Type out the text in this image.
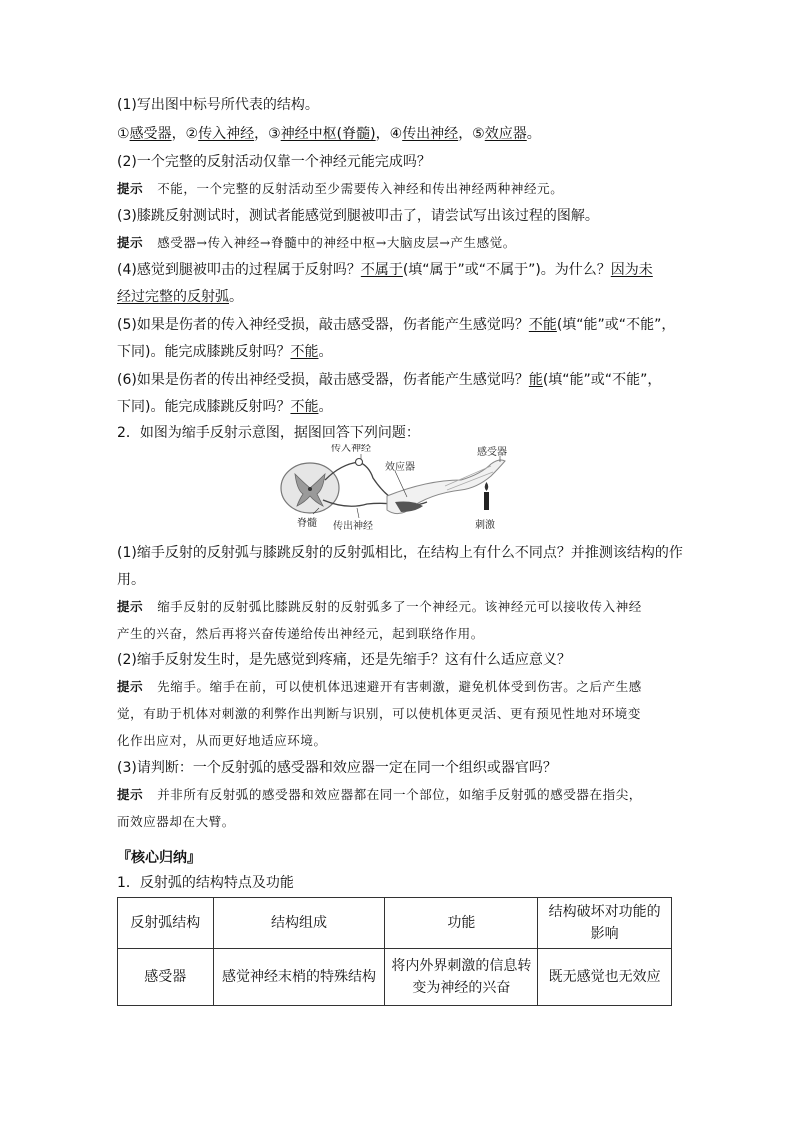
(1)写出图中标号所代表的结构。
①感受器，②传入神经，③神经中枢(脊髓)，④传出神经，⑤效应器。
(2)一个完整的反射活动仅靠一个神经元能完成吗？
提示 不能，一个完整的反射活动至少需要传入神经和传出神经两种神经元。
(3)膝跳反射测试时，测试者能感觉到腿被叩击了，请尝试写出该过程的图解。
提示 感受器→传入神经→脊髓中的神经中枢→大脑皮层→产生感觉。
(4)感觉到腿被叩击的过程属于反射吗？不属于(填“属于”或“不属于”)。为什么？因为未
经过完整的反射弧。
(5)如果是伤者的传入神经受损，敲击感受器，伤者能产生感觉吗？不能(填“能”或“不能”，
下同)。能完成膝跳反射吗？不能。
(6)如果是伤者的传出神经受损，敲击感受器，伤者能产生感觉吗？能(填“能”或“不能”，
下同)。能完成膝跳反射吗？不能。
2．如图为缩手反射示意图，据图回答下列问题：
传入神经
效应器
感受器
脊髓 传出神经	刺激
(1)缩手反射的反射弧与膝跳反射的反射弧相比，在结构上有什么不同点？并推测该结构的作
用。
提示 缩手反射的反射弧比膝跳反射的反射弧多了一个神经元。该神经元可以接收传入神经
产生的兴奋，然后再将兴奋传递给传出神经元，起到联络作用。
(2)缩手反射发生时，是先感觉到疼痛，还是先缩手？这有什么适应意义？
提示 先缩手。缩手在前，可以使机体迅速避开有害刺激，避免机体受到伤害。之后产生感
觉，有助于机体对刺激的利弊作出判断与识别，可以使机体更灵活、更有预见性地对环境变
化作出应对，从而更好地适应环境。
(3)请判断：一个反射弧的感受器和效应器一定在同一个组织或器官吗？
提示 并非所有反射弧的感受器和效应器都在同一个部位，如缩手反射弧的感受器在指尖，
而效应器却在大臂。
『核心归纳』
1．反射弧的结构特点及功能
反射弧结构	结构组成	功能	结构破坏对功能的影响
感受器	感觉神经末梢的特殊结构	将内外界刺激的信息转变为神经的兴奋	既无感觉也无效应
